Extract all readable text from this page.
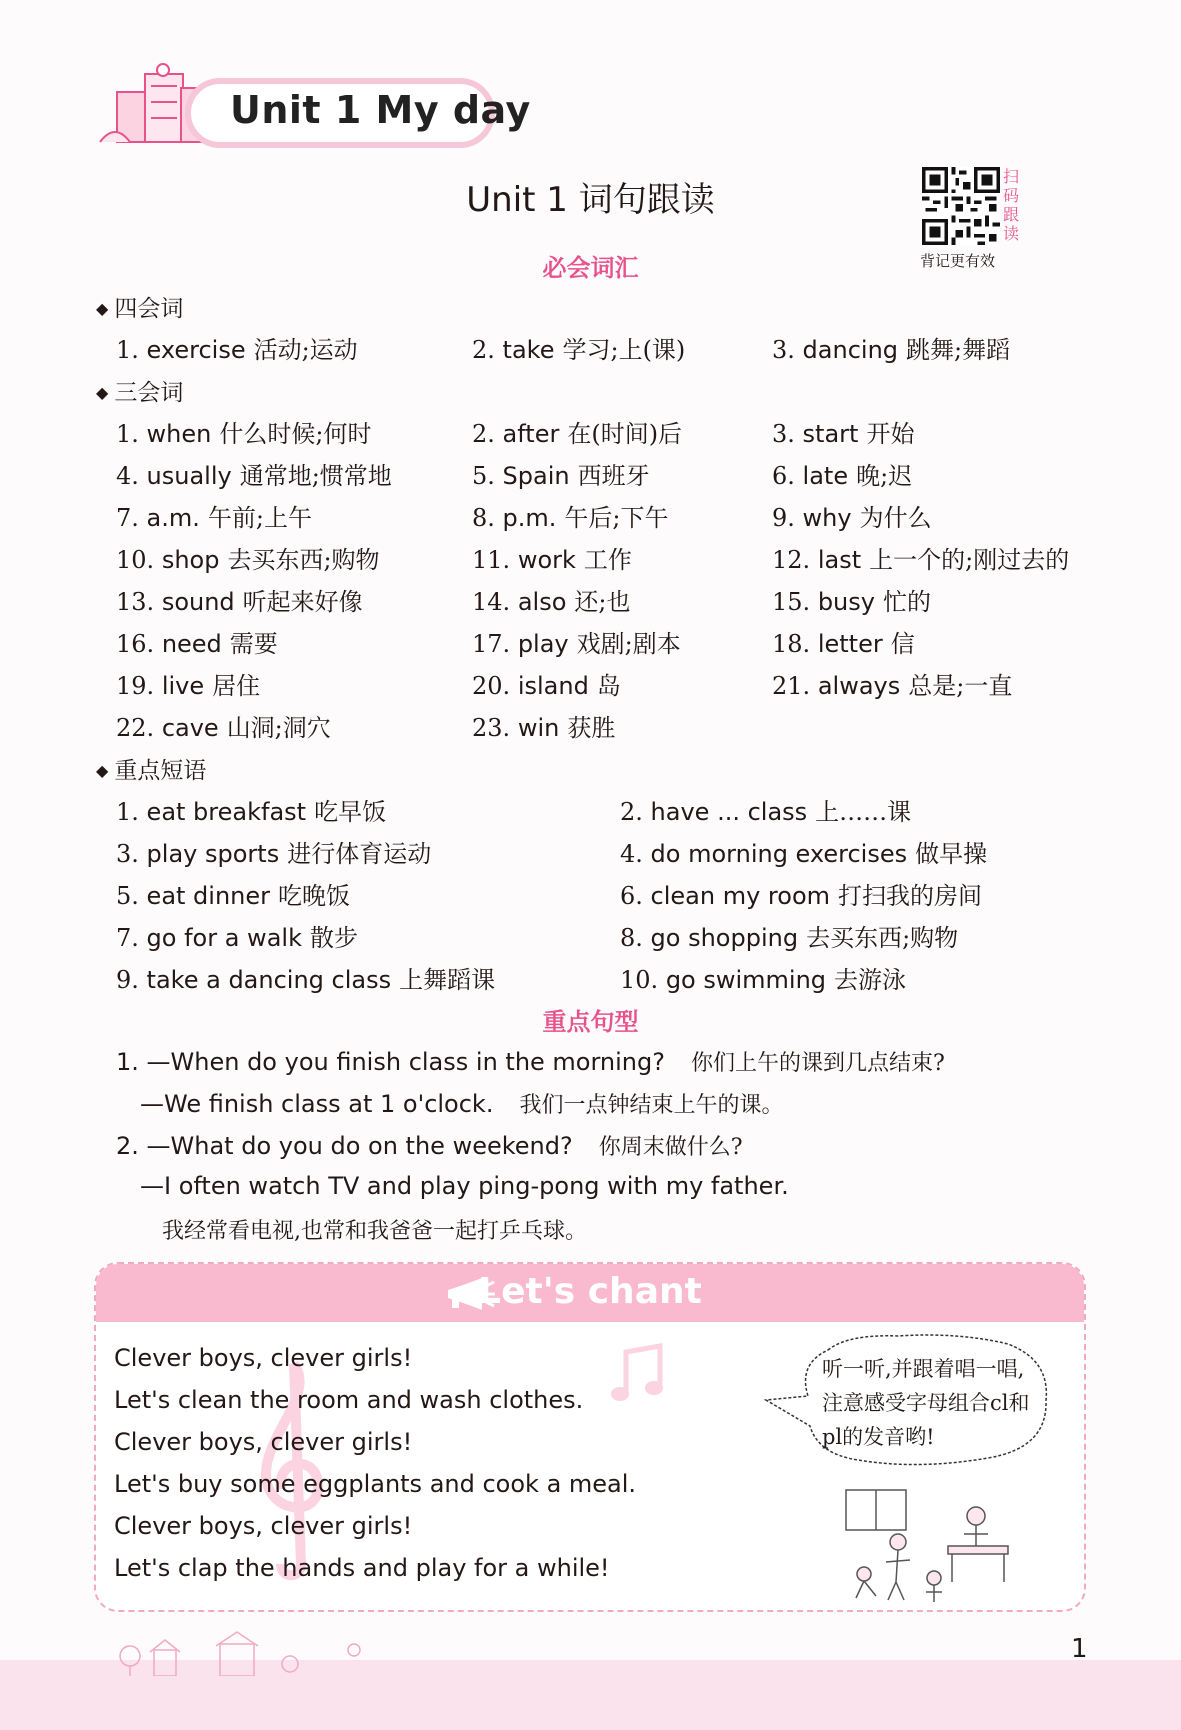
Unit 1 My day
Unit 1 词句跟读
扫码跟读
背记更有效
必会词汇
◆ 四会词
1. exercise 活动;运动	2. take 学习;上(课)	3. dancing 跳舞;舞蹈
◆ 三会词
1. when 什么时候;何时	2. after 在(时间)后	3. start 开始
4. usually 通常地;惯常地	5. Spain 西班牙	6. late 晚;迟
7. a.m. 午前;上午	8. p.m. 午后;下午	9. why 为什么
10. shop 去买东西;购物	11. work 工作	12. last 上一个的;刚过去的
13. sound 听起来好像	14. also 还;也	15. busy 忙的
16. need 需要	17. play 戏剧;剧本	18. letter 信
19. live 居住	20. island 岛	21. always 总是;一直
22. cave 山洞;洞穴	23. win 获胜
◆ 重点短语
1. eat breakfast 吃早饭	2. have ... class 上……课
3. play sports 进行体育运动	4. do morning exercises 做早操
5. eat dinner 吃晚饭	6. clean my room 打扫我的房间
7. go for a walk 散步	8. go shopping 去买东西;购物
9. take a dancing class 上舞蹈课	10. go swimming 去游泳
重点句型
1. —When do you finish class in the morning? 你们上午的课到几点结束?
—We finish class at 1 o'clock. 我们一点钟结束上午的课。
2. —What do you do on the weekend? 你周末做什么?
—I often watch TV and play ping-pong with my father.
我经常看电视,也常和我爸爸一起打乒乓球。
Let's chant
Clever boys, clever girls!
Let's clean the room and wash clothes.
Clever boys, clever girls!
Let's buy some eggplants and cook a meal.
Clever boys, clever girls!
Let's clap the hands and play for a while!
听一听,并跟着唱一唱,注意感受字母组合cl和pl的发音哟!
1
